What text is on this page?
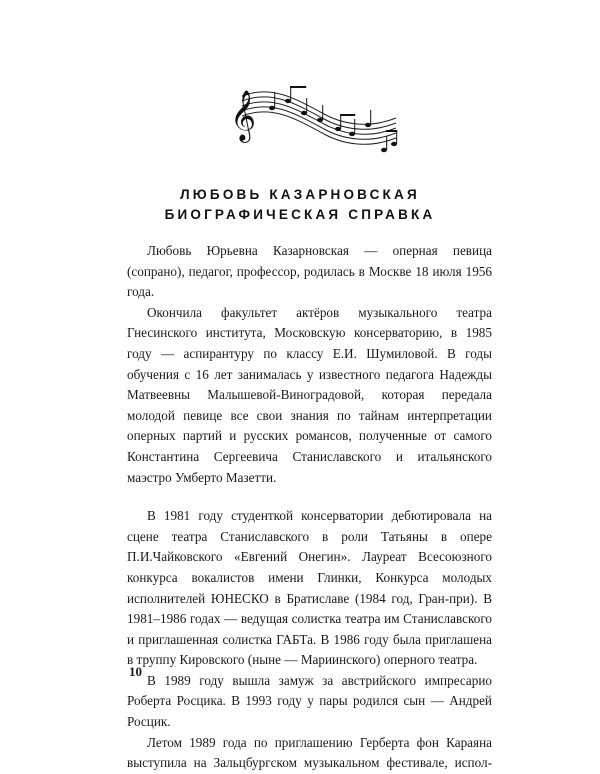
𝄞
ЛЮБОВЬ КАЗАРНОВСКАЯ
БИОГРАФИЧЕСКАЯ СПРАВКА

Любовь Юрьевна Казарновская — оперная певица (сопрано), педагог, профессор, родилась в Москве 18 июля 1956 года.

Окончила факультет актёров музыкального театра Гнесинского института, Московскую консерваторию, в 1985 году — аспирантуру по классу Е.И. Шумиловой. В годы обучения с 16 лет занималась у известного педагога Надежды Матвеевны Малышевой-Виноградовой, которая передала молодой певице все свои знания по тайнам интерпретации оперных партий и русских романсов, полученные от самого Константина Сергеевича Станиславского и итальянского маэстро Умберто Мазетти.

В 1981 году студенткой консерватории дебютировала на сцене театра Станиславского в роли Татьяны в опере П.И.Чайковского «Евгений Онегин». Лауреат Всесоюзного конкурса вокалистов имени Глинки, Конкурса молодых исполнителей ЮНЕСКО в Братиславе (1984 год, Гран-при). В 1981–1986 годах — ведущая солистка театра им Станиславского и приглашенная солистка ГАБТа. В 1986 году была приглашена в труппу Кировского (ныне — Мариинского) оперного театра.

В 1989 году вышла замуж за австрийского импресарио Роберта Росцика. В 1993 году у пары родился сын — Андрей Росцик.

Летом 1989 года по приглашению Герберта фон Караяна выступила на Зальцбургском музыкальном фестивале, испол-

10
